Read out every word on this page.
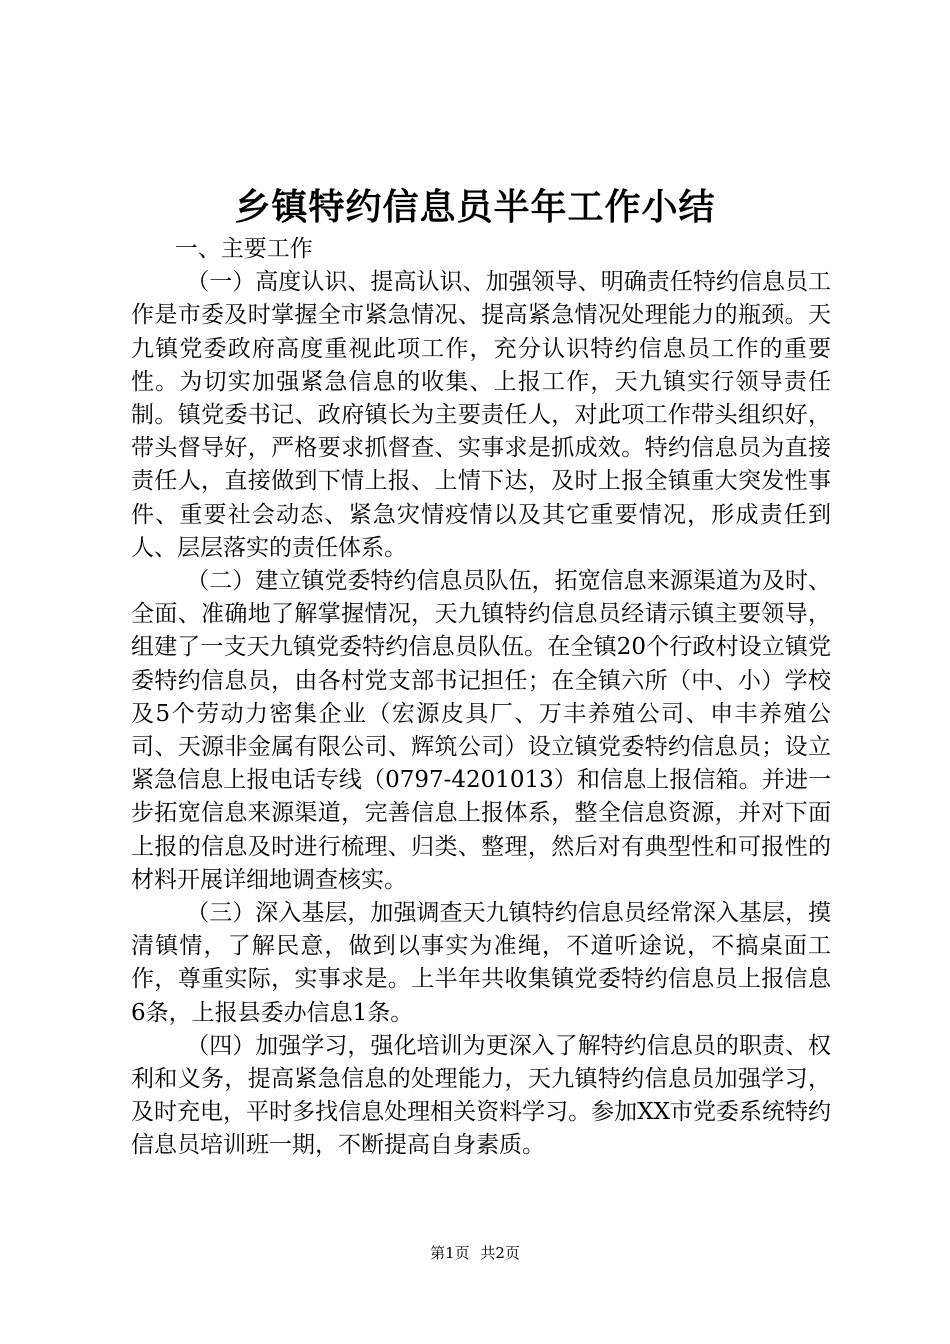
乡镇特约信息员半年工作小结

一、主要工作

（一）高度认识、提高认识、加强领导、明确责任特约信息员工作是市委及时掌握全市紧急情况、提高紧急情况处理能力的瓶颈。天九镇党委政府高度重视此项工作，充分认识特约信息员工作的重要性。为切实加强紧急信息的收集、上报工作，天九镇实行领导责任制。镇党委书记、政府镇长为主要责任人，对此项工作带头组织好，带头督导好，严格要求抓督查、实事求是抓成效。特约信息员为直接责任人，直接做到下情上报、上情下达，及时上报全镇重大突发性事件、重要社会动态、紧急灾情疫情以及其它重要情况，形成责任到人、层层落实的责任体系。

（二）建立镇党委特约信息员队伍，拓宽信息来源渠道为及时、全面、准确地了解掌握情况，天九镇特约信息员经请示镇主要领导，组建了一支天九镇党委特约信息员队伍。在全镇20个行政村设立镇党委特约信息员，由各村党支部书记担任；在全镇六所（中、小）学校及5个劳动力密集企业（宏源皮具厂、万丰养殖公司、申丰养殖公司、天源非金属有限公司、辉筑公司）设立镇党委特约信息员；设立紧急信息上报电话专线（0797-4201013）和信息上报信箱。并进一步拓宽信息来源渠道，完善信息上报体系，整全信息资源，并对下面上报的信息及时进行梳理、归类、整理，然后对有典型性和可报性的材料开展详细地调查核实。

（三）深入基层，加强调查天九镇特约信息员经常深入基层，摸清镇情，了解民意，做到以事实为准绳，不道听途说，不搞桌面工作，尊重实际，实事求是。上半年共收集镇党委特约信息员上报信息6条，上报县委办信息1条。

（四）加强学习，强化培训为更深入了解特约信息员的职责、权利和义务，提高紧急信息的处理能力，天九镇特约信息员加强学习，及时充电，平时多找信息处理相关资料学习。参加XX市党委系统特约信息员培训班一期，不断提高自身素质。

第1页 共2页
